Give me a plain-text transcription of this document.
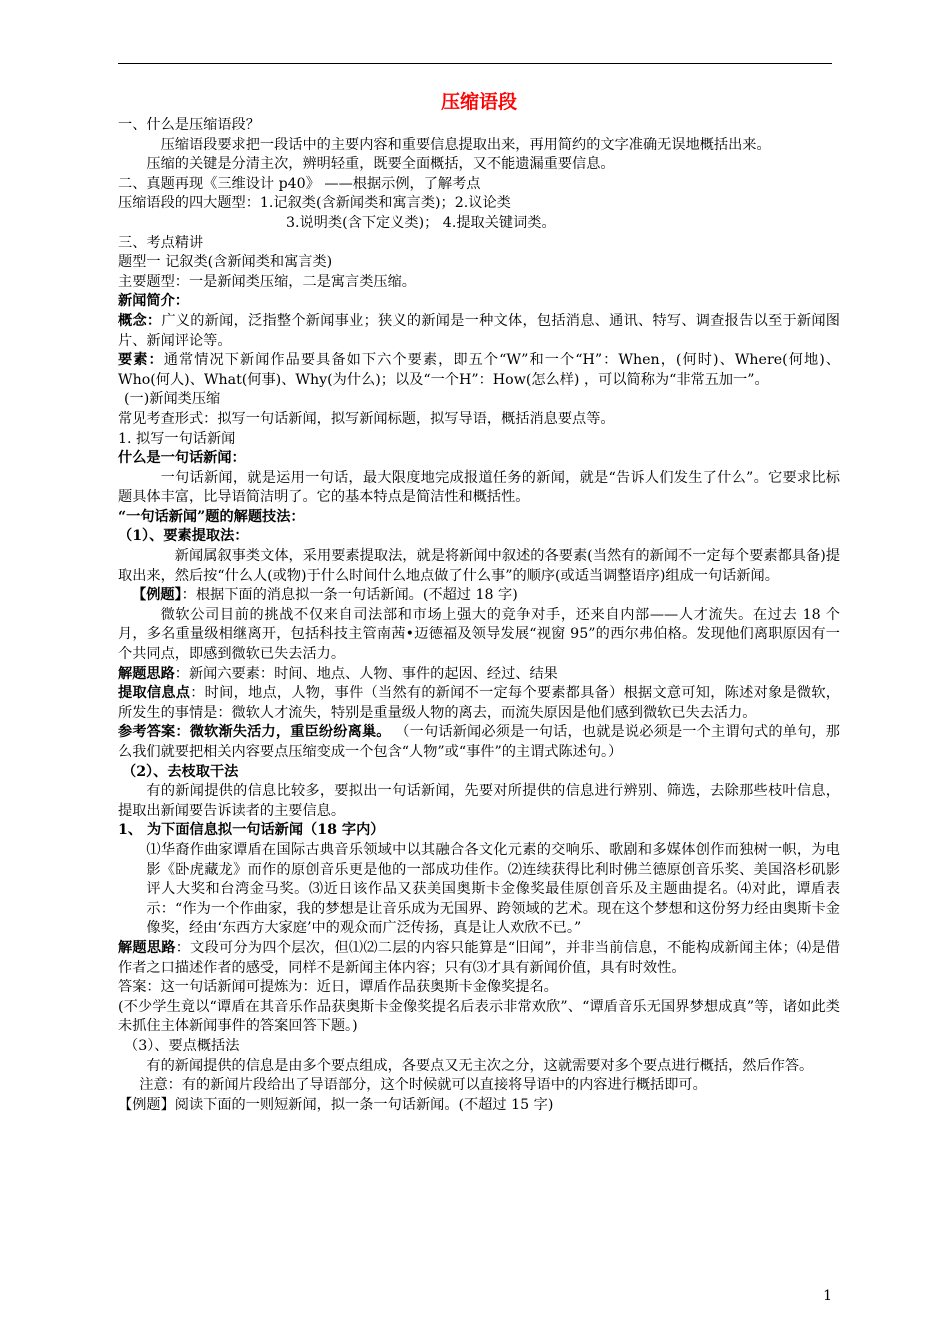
压缩语段

一、什么是压缩语段？

压缩语段要求把一段话中的主要内容和重要信息提取出来，再用简约的文字准确无误地概括出来。

压缩的关键是分清主次，辨明轻重，既要全面概括，又不能遗漏重要信息。

二、真题再现《三维设计 p40》 ——根据示例，了解考点

压缩语段的四大题型：1.记叙类(含新闻类和寓言类)；2.议论类

3.说明类(含下定义类)； 4.提取关键词类。

三、考点精讲

题型一 记叙类(含新闻类和寓言类)

主要题型：一是新闻类压缩，二是寓言类压缩。

新闻简介：

概念：广义的新闻，泛指整个新闻事业；狭义的新闻是一种文体，包括消息、通讯、特写、调查报告以至于新闻图片、新闻评论等。

要素：通常情况下新闻作品要具备如下六个要素，即五个“W”和一个“H”：When，(何时)、Where(何地)、Who(何人)、What(何事)、Why(为什么)；以及“一个H”：How(怎么样) ，可以简称为“非常五加一”。

(一)新闻类压缩

常见考查形式：拟写一句话新闻，拟写新闻标题，拟写导语，概括消息要点等。

1. 拟写一句话新闻

什么是一句话新闻：

一句话新闻，就是运用一句话，最大限度地完成报道任务的新闻，就是“告诉人们发生了什么”。它要求比标题具体丰富，比导语简洁明了。它的基本特点是简洁性和概括性。

“一句话新闻”题的解题技法：

（1）、要素提取法：

新闻属叙事类文体，采用要素提取法，就是将新闻中叙述的各要素(当然有的新闻不一定每个要素都具备)提取出来，然后按“什么人(或物)于什么时间什么地点做了什么事”的顺序(或适当调整语序)组成一句话新闻。

【例题】：根据下面的消息拟一条一句话新闻。(不超过 18 字)

微软公司目前的挑战不仅来自司法部和市场上强大的竞争对手，还来自内部——人才流失。在过去 18 个月，多名重量级相继离开，包括科技主管南茜•迈德福及领导发展“视窗 95”的西尔弗伯格。发现他们离职原因有一个共同点，即感到微软已失去活力。

解题思路：新闻六要素：时间、地点、人物、事件的起因、经过、结果

提取信息点：时间，地点，人物，事件（当然有的新闻不一定每个要素都具备）根据文意可知，陈述对象是微软，所发生的事情是：微软人才流失，特别是重量级人物的离去，而流失原因是他们感到微软已失去活力。

参考答案：微软渐失活力，重臣纷纷离巢。 （一句话新闻必须是一句话，也就是说必须是一个主谓句式的单句，那么我们就要把相关内容要点压缩变成一个包含“人物”或“事件”的主谓式陈述句。）

（2）、去枝取干法

有的新闻提供的信息比较多，要拟出一句话新闻，先要对所提供的信息进行辨别、筛选，去除那些枝叶信息，提取出新闻要告诉读者的主要信息。

1、 为下面信息拟一句话新闻（18 字内）

⑴华裔作曲家谭盾在国际古典音乐领域中以其融合各文化元素的交响乐、歌剧和多媒体创作而独树一帜，为电影《卧虎藏龙》而作的原创音乐更是他的一部成功佳作。⑵连续获得比利时佛兰德原创音乐奖、美国洛杉矶影评人大奖和台湾金马奖。⑶近日该作品又获美国奥斯卡金像奖最佳原创音乐及主题曲提名。⑷对此，谭盾表示：“作为一个作曲家，我的梦想是让音乐成为无国界、跨领域的艺术。现在这个梦想和这份努力经由奥斯卡金像奖，经由‘东西方大家庭’中的观众而广泛传扬，真是让人欢欣不已。”

解题思路：文段可分为四个层次，但⑴⑵二层的内容只能算是“旧闻”，并非当前信息，不能构成新闻主体；⑷是借作者之口描述作者的感受，同样不是新闻主体内容；只有⑶才具有新闻价值，具有时效性。

答案：这一句话新闻可提炼为：近日，谭盾作品获奥斯卡金像奖提名。

(不少学生竟以“谭盾在其音乐作品获奥斯卡金像奖提名后表示非常欢欣”、“谭盾音乐无国界梦想成真”等，诸如此类未抓住主体新闻事件的答案回答下题。)

（3）、要点概括法

有的新闻提供的信息是由多个要点组成，各要点又无主次之分，这就需要对多个要点进行概括，然后作答。

注意：有的新闻片段给出了导语部分，这个时候就可以直接将导语中的内容进行概括即可。

【例题】阅读下面的一则短新闻，拟一条一句话新闻。(不超过 15 字)

1
